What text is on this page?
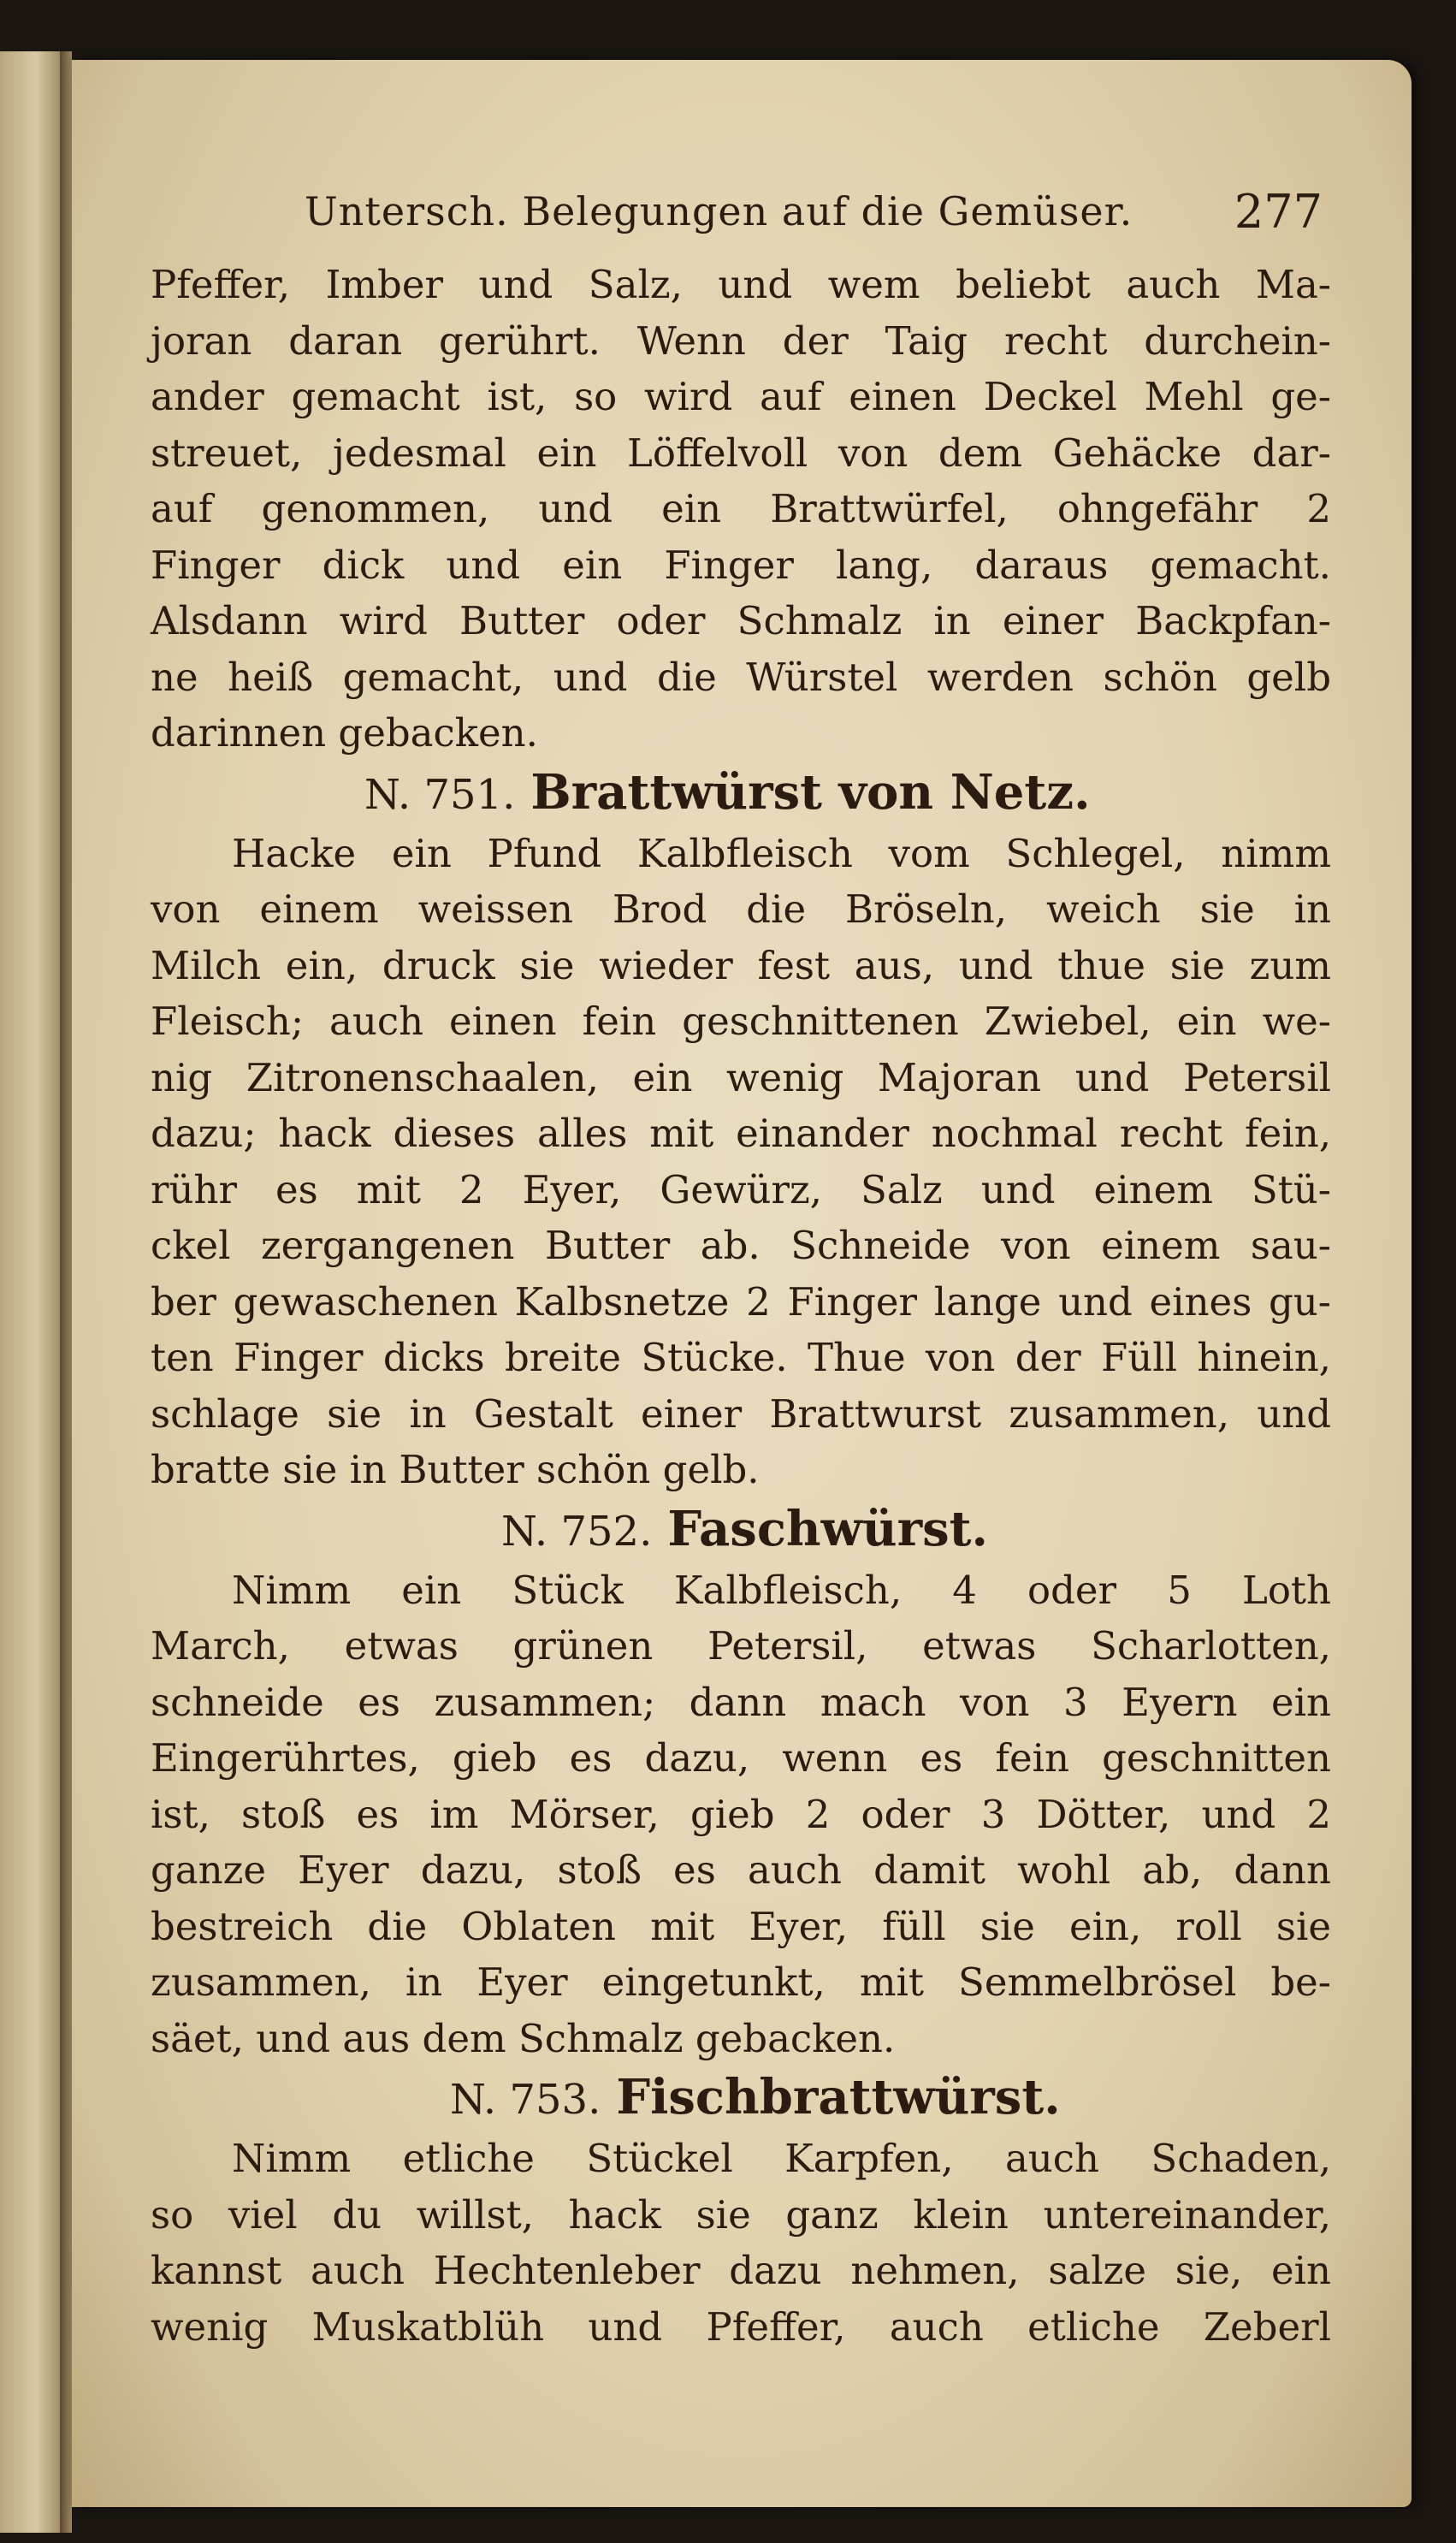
Untersch. Belegungen auf die Gemüser. 277
Pfeffer, Imber und Salz, und wem beliebt auch Ma-
joran daran gerührt. Wenn der Taig recht durchein-
ander gemacht ist, so wird auf einen Deckel Mehl ge-
streuet, jedesmal ein Löffelvoll von dem Gehäcke dar-
auf genommen, und ein Brattwürfel, ohngefähr 2
Finger dick und ein Finger lang, daraus gemacht.
Alsdann wird Butter oder Schmalz in einer Backpfan-
ne heiß gemacht, und die Würstel werden schön gelb
darinnen gebacken.
N. 751. Brattwürst von Netz.
Hacke ein Pfund Kalbfleisch vom Schlegel, nimm
von einem weissen Brod die Bröseln, weich sie in
Milch ein, druck sie wieder fest aus, und thue sie zum
Fleisch; auch einen fein geschnittenen Zwiebel, ein we-
nig Zitronenschaalen, ein wenig Majoran und Petersil
dazu; hack dieses alles mit einander nochmal recht fein,
rühr es mit 2 Eyer, Gewürz, Salz und einem Stü-
ckel zergangenen Butter ab. Schneide von einem sau-
ber gewaschenen Kalbsnetze 2 Finger lange und eines gu-
ten Finger dicks breite Stücke. Thue von der Füll hinein,
schlage sie in Gestalt einer Brattwurst zusammen, und
bratte sie in Butter schön gelb.
N. 752. Faschwürst.
Nimm ein Stück Kalbfleisch, 4 oder 5 Loth
March, etwas grünen Petersil, etwas Scharlotten,
schneide es zusammen; dann mach von 3 Eyern ein
Eingerührtes, gieb es dazu, wenn es fein geschnitten
ist, stoß es im Mörser, gieb 2 oder 3 Dötter, und 2
ganze Eyer dazu, stoß es auch damit wohl ab, dann
bestreich die Oblaten mit Eyer, füll sie ein, roll sie
zusammen, in Eyer eingetunkt, mit Semmelbrösel be-
säet, und aus dem Schmalz gebacken.
N. 753. Fischbrattwürst.
Nimm etliche Stückel Karpfen, auch Schaden,
so viel du willst, hack sie ganz klein untereinander,
kannst auch Hechtenleber dazu nehmen, salze sie, ein
wenig Muskatblüh und Pfeffer, auch etliche Zeberl
